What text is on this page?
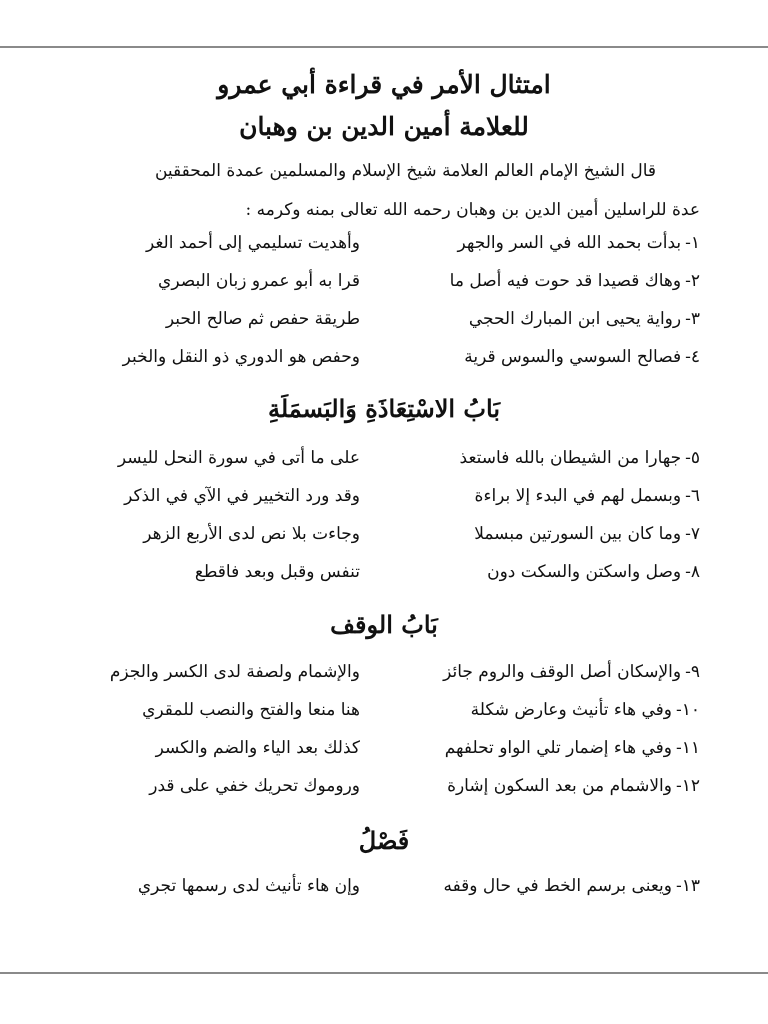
امتثال الأمر في قراءة أبي عمرو
للعلامة أمين الدين بن وهبان
قال الشيخ الإمام العالم العلامة شيخ الإسلام والمسلمين عمدة المحققين
عدة للراسلين أمين الدين بن وهبان رحمه الله تعالى بمنه وكرمه :
١-بدأت بحمد الله في السر والجهر
وأهديت تسليمي إلى أحمد الغر
٢-وهاك قصيدا قد حوت فيه أصل ما
قرا به أبو عمرو زبان البصري
٣-رواية يحيى ابن المبارك الحجي
طريقة حفص ثم صالح الحبر
٤-فصالح السوسي والسوس قرية
وحفص هو الدوري ذو النقل والخبر
بَابُ الاسْتِعَاذَةِ وَالبَسمَلَةِ
٥-جهارا من الشيطان بالله فاستعذ
على ما أتى في سورة النحل لليسر
٦-وبسمل لهم في البدء إلا براءة
وقد ورد التخيير في الآي في الذكر
٧-وما كان بين السورتين مبسملا
وجاءت بلا نص لدى الأربع الزهر
٨-وصل واسكتن والسكت دون
تنفس وقبل وبعد فاقطع
بَابُ الوقف
٩-والإسكان أصل الوقف والروم جائز
والإشمام ولصفة لدى الكسر والجزم
١٠-وفي هاء تأنيث وعارض شكلة
هنا منعا والفتح والنصب للمقري
١١-وفي هاء إضمار تلي الواو تحلفهم
كذلك بعد الياء والضم والكسر
١٢-والاشمام من بعد السكون إشارة
وروموك تحريك خفي على قدر
فَصْلُ
١٣-ويعنى برسم الخط في حال وقفه
وإن هاء تأنيث لدى رسمها تجري
